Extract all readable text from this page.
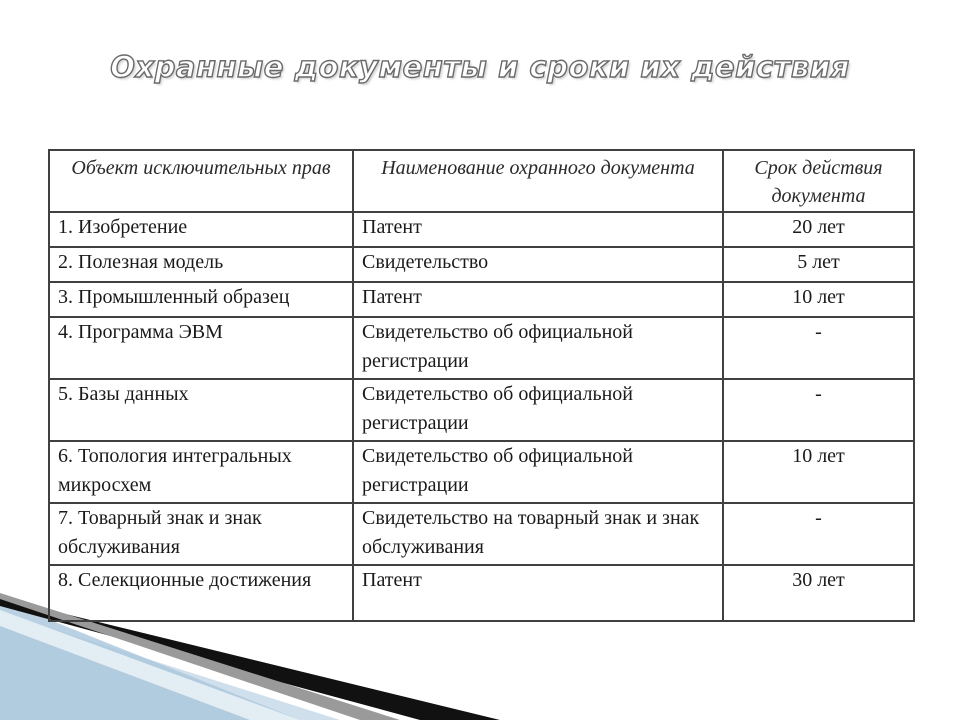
Охранные документы и сроки их действия
Объект исключительных прав	Наименование охранного документа	Срок действия документа
1. Изобретение	Патент	20 лет
2. Полезная модель	Свидетельство	5 лет
3. Промышленный образец	Патент	10 лет
4. Программа ЭВМ	Свидетельство об официальной регистрации	-
5. Базы данных	Свидетельство об официальной регистрации	-
6. Топология интегральных микросхем	Свидетельство об официальной регистрации	10 лет
7. Товарный знак и знак обслуживания	Свидетельство на товарный знак и знак обслуживания	-

8. Селекционные достижения	Патент	30 лет
